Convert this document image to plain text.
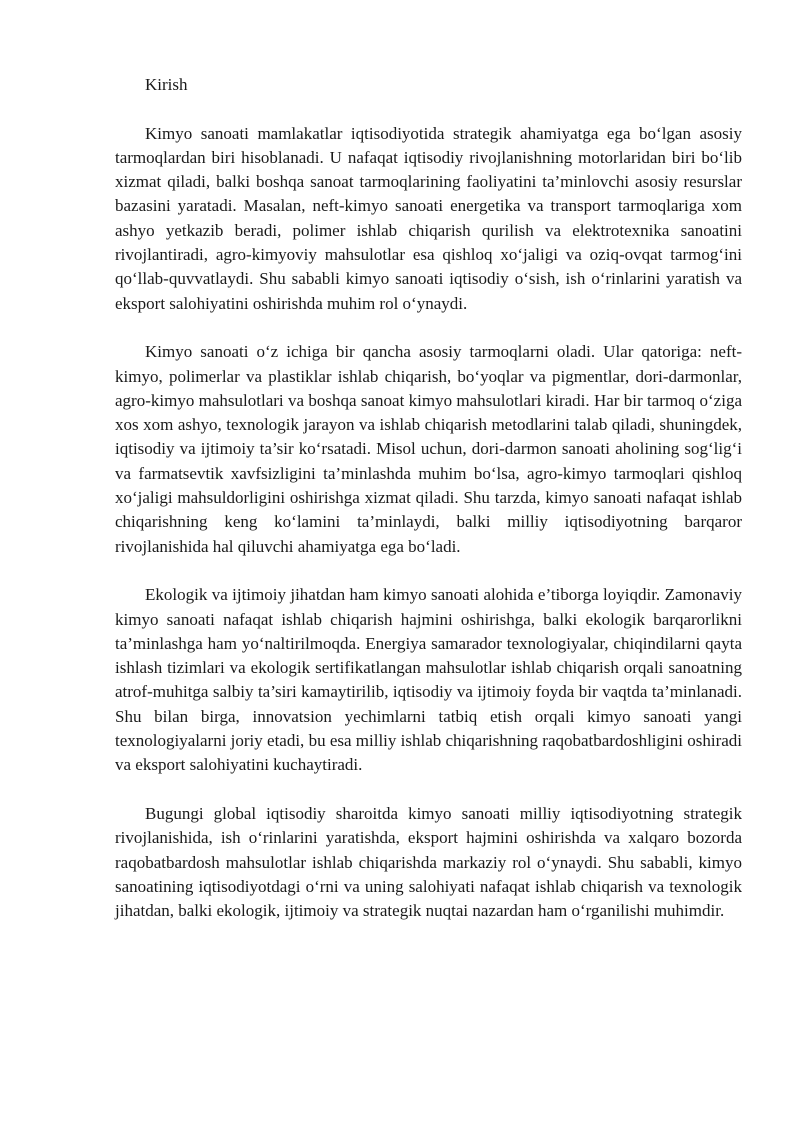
Kirish

Kimyo sanoati mamlakatlar iqtisodiyotida strategik ahamiyatga ega bo‘lgan asosiy tarmoqlardan biri hisoblanadi. U nafaqat iqtisodiy rivojlanishning motorlaridan biri bo‘lib xizmat qiladi, balki boshqa sanoat tarmoqlarining faoliyatini ta’minlovchi asosiy resurslar bazasini yaratadi. Masalan, neft-kimyo sanoati energetika va transport tarmoqlariga xom ashyo yetkazib beradi, polimer ishlab chiqarish qurilish va elektrotexnika sanoatini rivojlantiradi, agro-kimyoviy mahsulotlar esa qishloq xo‘jaligi va oziq-ovqat tarmog‘ini qo‘llab-quvvatlaydi. Shu sababli kimyo sanoati iqtisodiy o‘sish, ish o‘rinlarini yaratish va eksport salohiyatini oshirishda muhim rol o‘ynaydi.

Kimyo sanoati o‘z ichiga bir qancha asosiy tarmoqlarni oladi. Ular qatoriga: neft-kimyo, polimerlar va plastiklar ishlab chiqarish, bo‘yoqlar va pigmentlar, dori-darmonlar, agro-kimyo mahsulotlari va boshqa sanoat kimyo mahsulotlari kiradi. Har bir tarmoq o‘ziga xos xom ashyo, texnologik jarayon va ishlab chiqarish metodlarini talab qiladi, shuningdek, iqtisodiy va ijtimoiy ta’sir ko‘rsatadi. Misol uchun, dori-darmon sanoati aholining sog‘lig‘i va farmatsevtik xavfsizligini ta’minlashda muhim bo‘lsa, agro-kimyo tarmoqlari qishloq xo‘jaligi mahsuldorligini oshirishga xizmat qiladi. Shu tarzda, kimyo sanoati nafaqat ishlab chiqarishning keng ko‘lamini ta’minlaydi, balki milliy iqtisodiyotning barqaror rivojlanishida hal qiluvchi ahamiyatga ega bo‘ladi.

Ekologik va ijtimoiy jihatdan ham kimyo sanoati alohida e’tiborga loyiqdir. Zamonaviy kimyo sanoati nafaqat ishlab chiqarish hajmini oshirishga, balki ekologik barqarorlikni ta’minlashga ham yo‘naltirilmoqda. Energiya samarador texnologiyalar, chiqindilarni qayta ishlash tizimlari va ekologik sertifikatlangan mahsulotlar ishlab chiqarish orqali sanoatning atrof-muhitga salbiy ta’siri kamaytirilib, iqtisodiy va ijtimoiy foyda bir vaqtda ta’minlanadi. Shu bilan birga, innovatsion yechimlarni tatbiq etish orqali kimyo sanoati yangi texnologiyalarni joriy etadi, bu esa milliy ishlab chiqarishning raqobatbardoshligini oshiradi va eksport salohiyatini kuchaytiradi.

Bugungi global iqtisodiy sharoitda kimyo sanoati milliy iqtisodiyotning strategik rivojlanishida, ish o‘rinlarini yaratishda, eksport hajmini oshirishda va xalqaro bozorda raqobatbardosh mahsulotlar ishlab chiqarishda markaziy rol o‘ynaydi. Shu sababli, kimyo sanoatining iqtisodiyotdagi o‘rni va uning salohiyati nafaqat ishlab chiqarish va texnologik jihatdan, balki ekologik, ijtimoiy va strategik nuqtai nazardan ham o‘rganilishi muhimdir.
